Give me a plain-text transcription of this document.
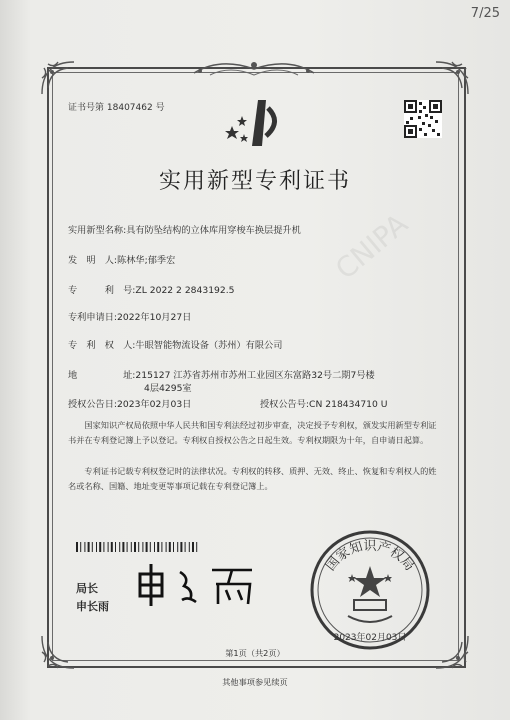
7/25
证书号第 18407462 号
实用新型专利证书
CNIPA
实用新型名称:具有防坠结构的立体库用穿梭车换层提升机
发　明　人:陈林华;郁季宏
专　　　利　号:ZL 2022 2 2843192.5
专利申请日:2022年10月27日
专　利　权　人:牛眼智能物流设备（苏州）有限公司
地　　　　　址:215127 江苏省苏州市苏州工业园区东富路32号二期7号楼
4层4295室
授权公告日:2023年02月03日	授权公告号:CN 218434710 U
国家知识产权局依照中华人民共和国专利法经过初步审查，决定授予专利权，颁发实用新型专利证书并在专利登记簿上予以登记。专利权自授权公告之日起生效。专利权期限为十年，自申请日起算。
专利证书记载专利权登记时的法律状况。专利权的转移、质押、无效、终止、恢复和专利权人的姓名或名称、国籍、地址变更等事项记载在专利登记簿上。
局长
申长雨
国家知识产权局
2023年02月03日
第1页（共2页）
其他事项参见续页
